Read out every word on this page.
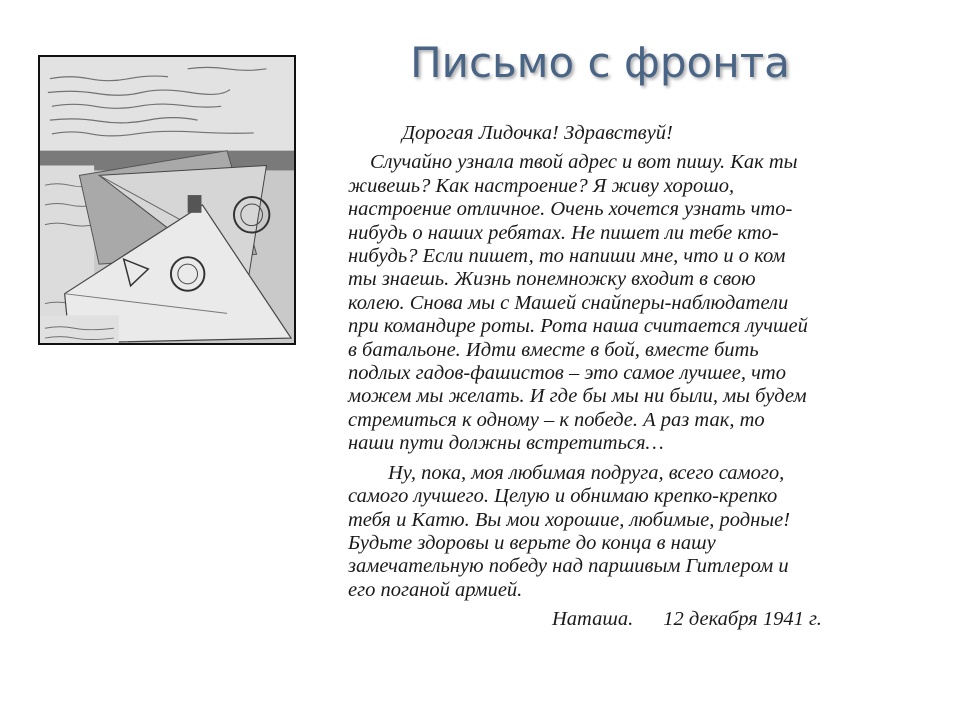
Письмо с фронта
Дорогая Лидочка! Здравствуй!
Случайно узнала твой адрес и вот пишу. Как ты
живешь? Как настроение? Я живу хорошо,
настроение отличное. Очень хочется узнать что-
нибудь о наших ребятах. Не пишет ли тебе кто-
нибудь? Если пишет, то напиши мне, что и о ком
ты знаешь. Жизнь понемножку входит в свою
колею. Снова мы с Машей снайперы-наблюдатели
при командире роты. Рота наша считается лучшей
в батальоне. Идти вместе в бой, вместе бить
подлых гадов-фашистов – это самое лучшее, что
можем мы желать. И где бы мы ни были, мы будем
стремиться к одному – к победе. А раз так, то
наши пути должны встретиться…
Ну, пока, моя любимая подруга, всего самого,
самого лучшего. Целую и обнимаю крепко-крепко
тебя и Катю. Вы мои хорошие, любимые, родные!
Будьте здоровы и верьте до конца в нашу
замечательную победу над паршивым Гитлером и
его поганой армией.
Наташа. 12 декабря 1941 г.
